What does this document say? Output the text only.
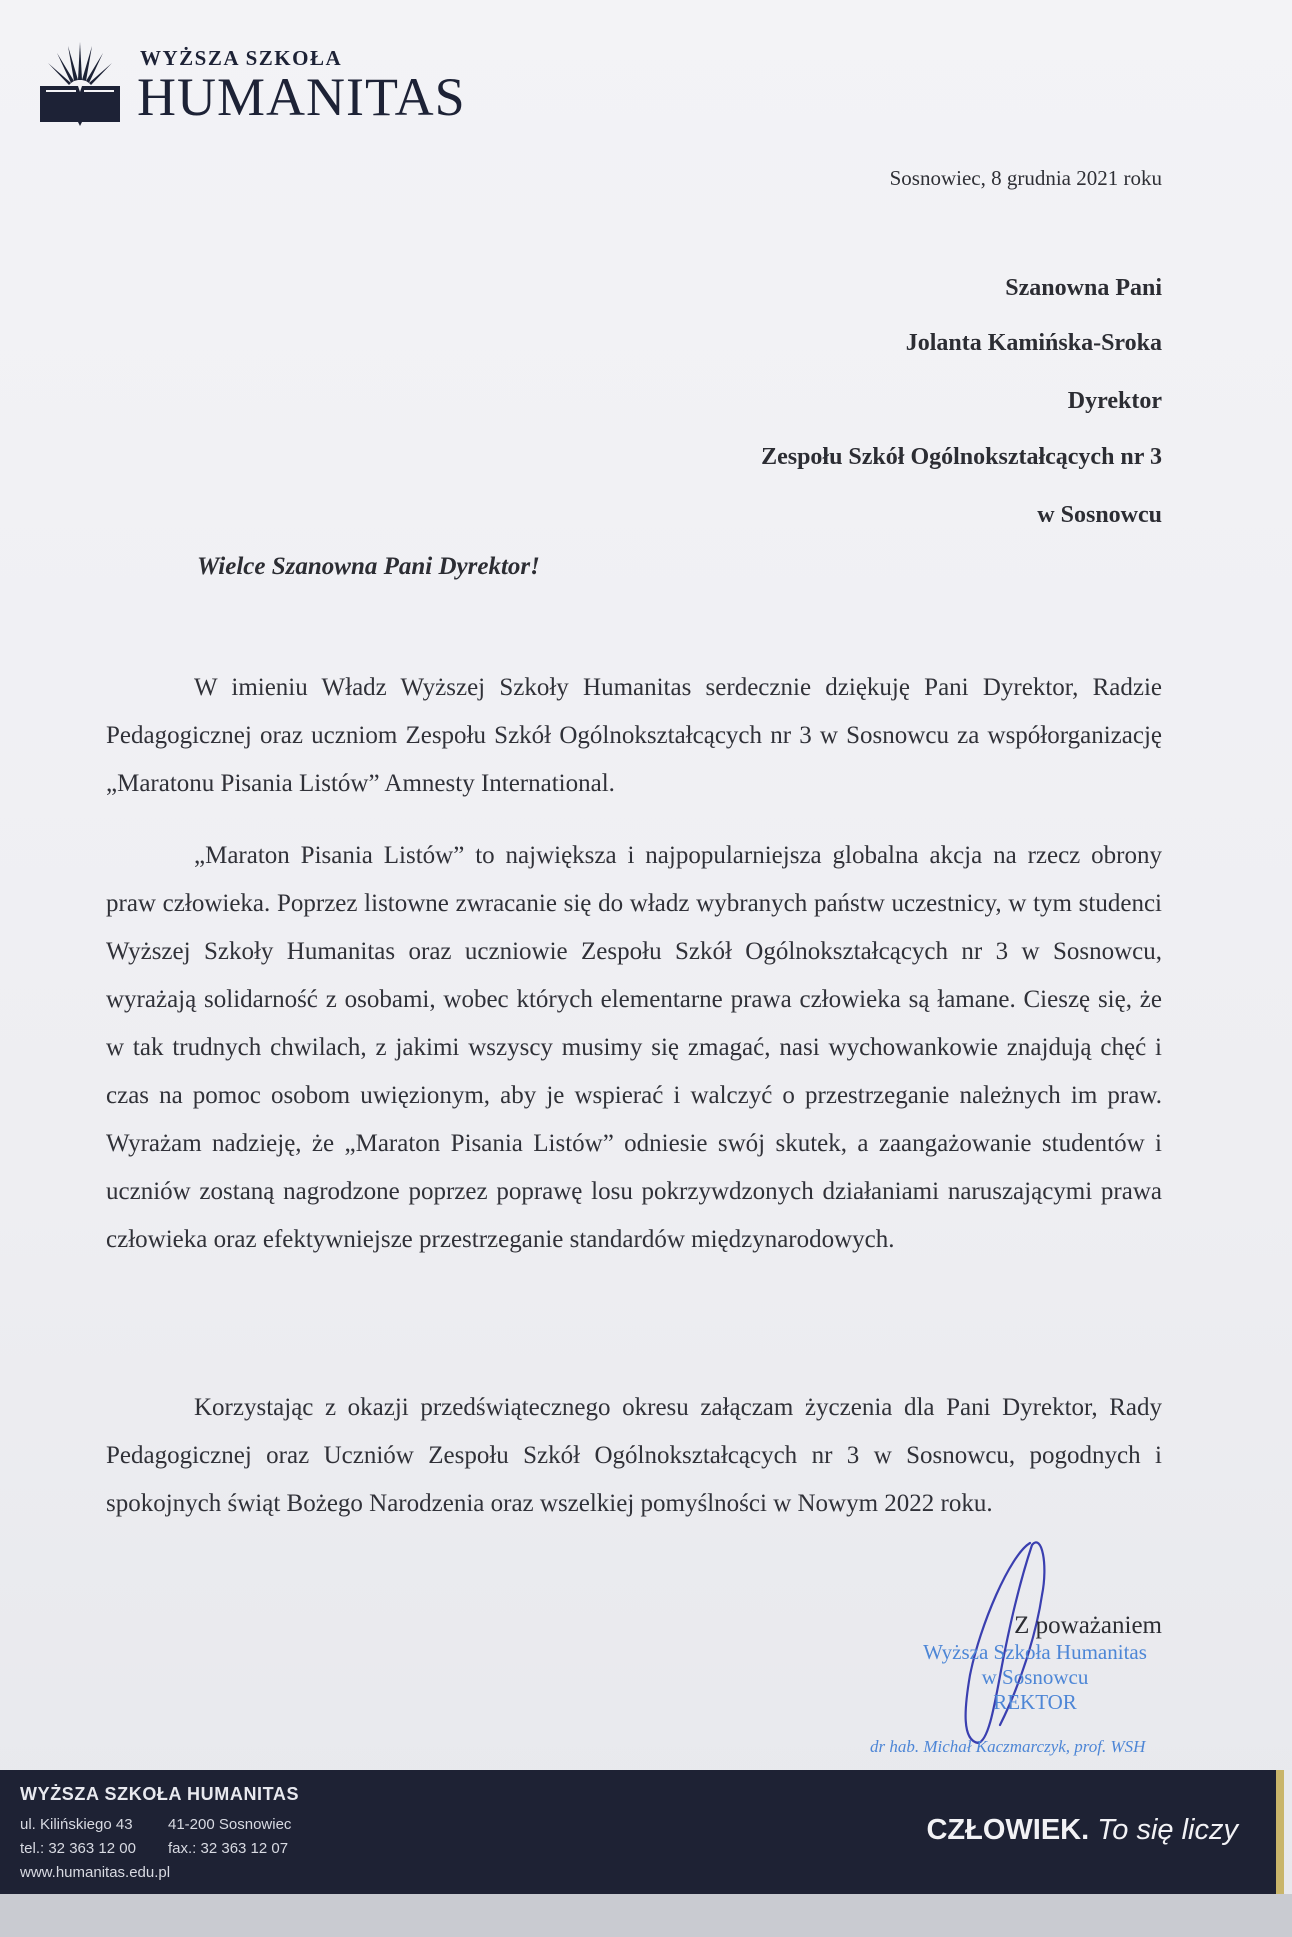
WYŻSZA SZKOŁA
HUMANITAS
Sosnowiec, 8 grudnia 2021 roku
Szanowna Pani
Jolanta Kamińska-Sroka
Dyrektor
Zespołu Szkół Ogólnokształcących nr 3
w Sosnowcu
Wielce Szanowna Pani Dyrektor!

W imieniu Władz Wyższej Szkoły Humanitas serdecznie dziękuję Pani Dyrektor, Radzie Pedagogicznej oraz uczniom Zespołu Szkół Ogólnokształcących nr 3 w Sosnowcu za współorganizację „Maratonu Pisania Listów” Amnesty International.

„Maraton Pisania Listów” to największa i najpopularniejsza globalna akcja na rzecz obrony praw człowieka. Poprzez listowne zwracanie się do władz wybranych państw uczestnicy, w tym studenci Wyższej Szkoły Humanitas oraz uczniowie Zespołu Szkół Ogólnokształcących nr 3 w Sosnowcu, wyrażają solidarność z osobami, wobec których elementarne prawa człowieka są łamane. Cieszę się, że w tak trudnych chwilach, z jakimi wszyscy musimy się zmagać, nasi wychowankowie znajdują chęć i czas na pomoc osobom uwięzionym, aby je wspierać i walczyć o przestrzeganie należnych im praw. Wyrażam nadzieję, że „Maraton Pisania Listów” odniesie swój skutek, a zaangażowanie studentów i uczniów zostaną nagrodzone poprzez poprawę losu pokrzywdzonych działaniami naruszającymi prawa człowieka oraz efektywniejsze przestrzeganie standardów międzynarodowych.

Korzystając z okazji przedświątecznego okresu załączam życzenia dla Pani Dyrektor, Rady Pedagogicznej oraz Uczniów Zespołu Szkół Ogólnokształcących nr 3 w Sosnowcu, pogodnych i spokojnych świąt Bożego Narodzenia oraz wszelkiej pomyślności w Nowym 2022 roku.

Z poważaniem
Wyższa Szkoła Humanitas
w Sosnowcu
REKTOR
dr hab. Michał Kaczmarczyk, prof. WSH
WYŻSZA SZKOŁA HUMANITAS
ul. Kilińskiego 43 41-200 Sosnowiec
tel.: 32 363 12 00 fax.: 32 363 12 07
www.humanitas.edu.pl
CZŁOWIEK. To się liczy
